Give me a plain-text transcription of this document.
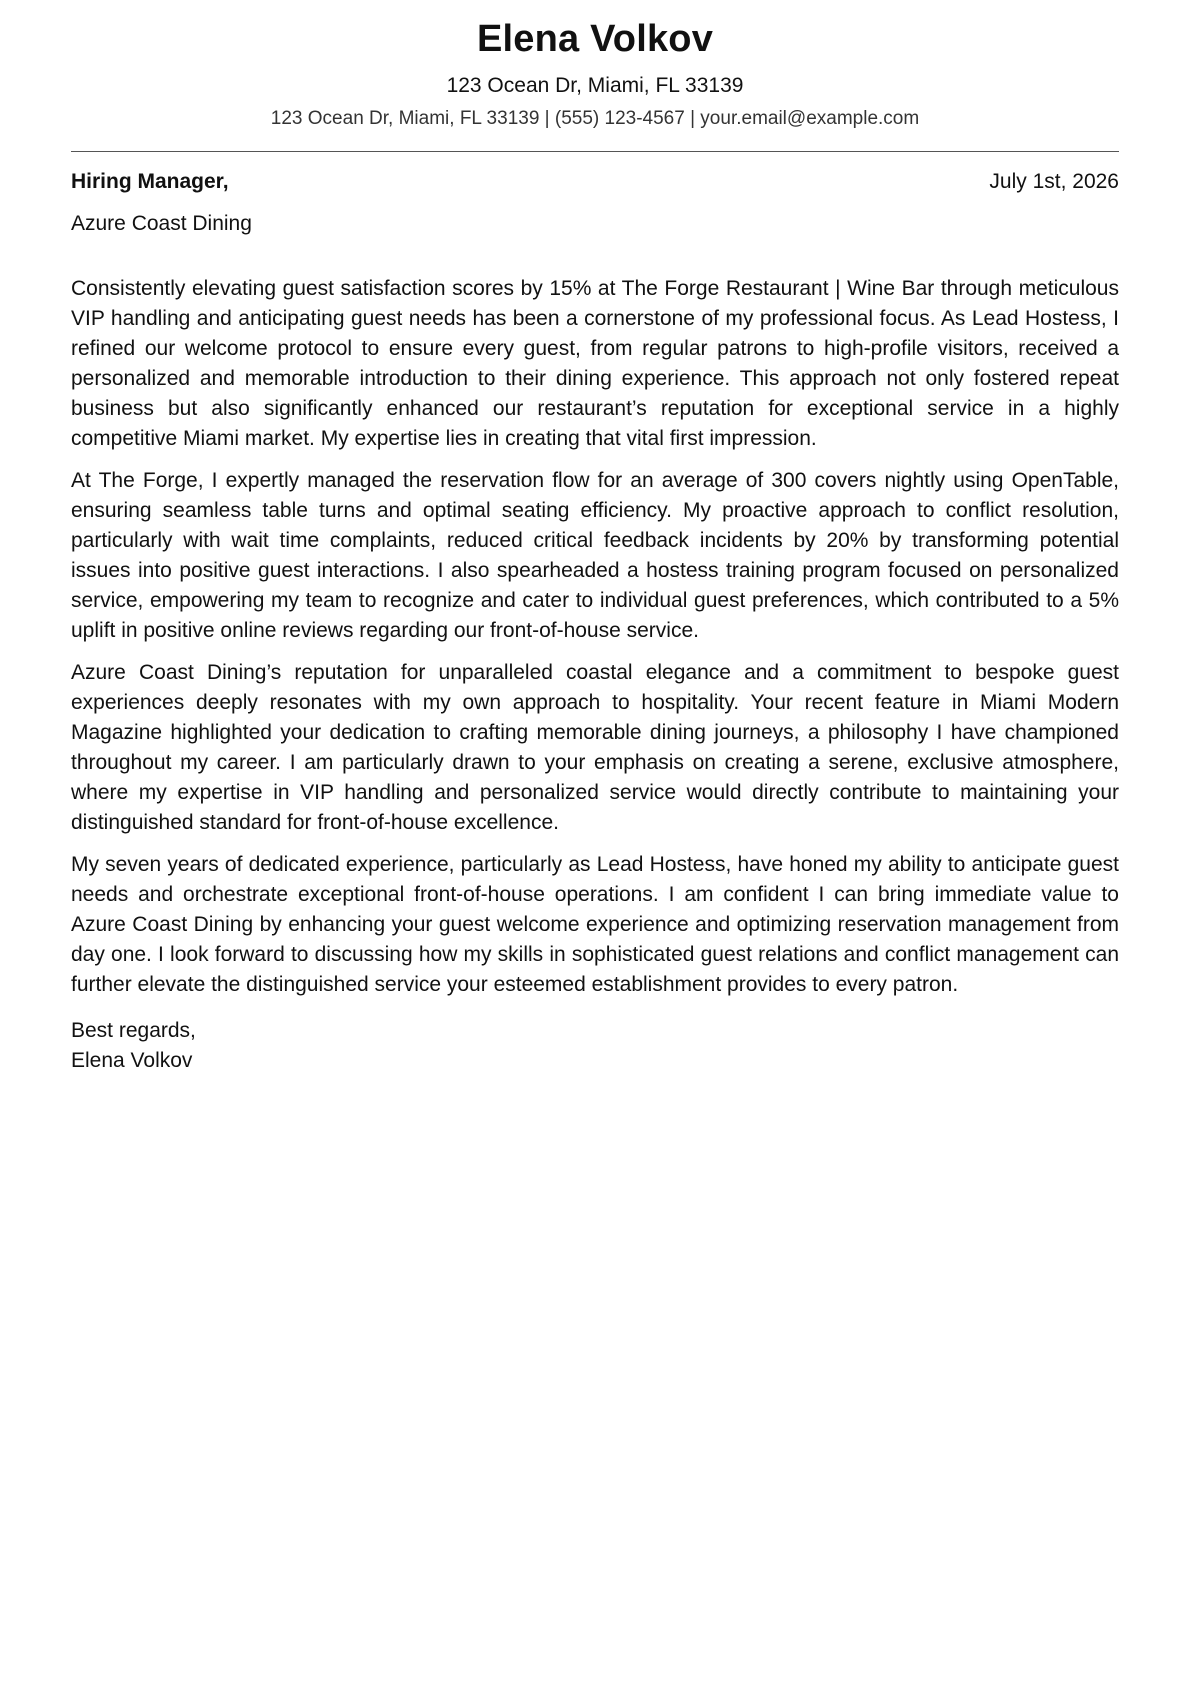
Elena Volkov
123 Ocean Dr, Miami, FL 33139
123 Ocean Dr, Miami, FL 33139 | (555) 123-4567 | your.email@example.com
Hiring Manager,	July 1st, 2026
Azure Coast Dining

Consistently elevating guest satisfaction scores by 15% at The Forge Restaurant | Wine Bar through meticulous VIP handling and anticipating guest needs has been a cornerstone of my professional focus. As Lead Hostess, I refined our welcome protocol to ensure every guest, from regular patrons to high-profile visitors, received a personalized and memorable introduction to their dining experience. This approach not only fostered repeat business but also significantly enhanced our restaurant’s reputation for exceptional service in a highly competitive Miami market. My expertise lies in creating that vital first impression.

At The Forge, I expertly managed the reservation flow for an average of 300 covers nightly using OpenTable, ensuring seamless table turns and optimal seating efficiency. My proactive approach to conflict resolution, particularly with wait time complaints, reduced critical feedback incidents by 20% by transforming potential issues into positive guest interactions. I also spearheaded a hostess training program focused on personalized service, empowering my team to recognize and cater to individual guest preferences, which contributed to a 5% uplift in positive online reviews regarding our front-of-house service.

Azure Coast Dining’s reputation for unparalleled coastal elegance and a commitment to bespoke guest experiences deeply resonates with my own approach to hospitality. Your recent feature in Miami Modern Magazine highlighted your dedication to crafting memorable dining journeys, a philosophy I have championed throughout my career. I am particularly drawn to your emphasis on creating a serene, exclusive atmosphere, where my expertise in VIP handling and personalized service would directly contribute to maintaining your distinguished standard for front-of-house excellence.

My seven years of dedicated experience, particularly as Lead Hostess, have honed my ability to anticipate guest needs and orchestrate exceptional front-of-house operations. I am confident I can bring immediate value to Azure Coast Dining by enhancing your guest welcome experience and optimizing reservation management from day one. I look forward to discussing how my skills in sophisticated guest relations and conflict management can further elevate the distinguished service your esteemed establishment provides to every patron.

Best regards,
Elena Volkov
